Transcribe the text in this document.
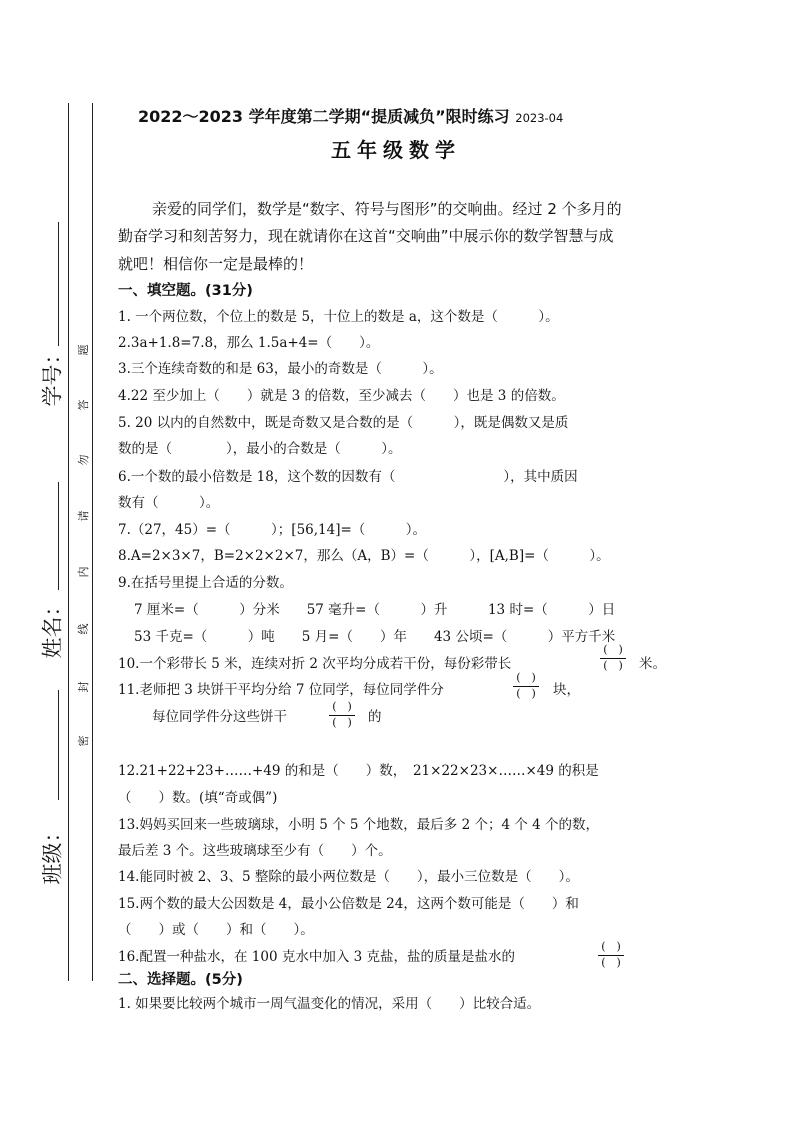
学号：
姓名：
班级：
题
答
勿
请
内
线
封
密
2022～2023 学年度第二学期“提质减负”限时练习 2023-04
五年级数学
亲爱的同学们，数学是“数字、符号与图形”的交响曲。经过 2 个多月的
勤奋学习和刻苦努力，现在就请你在这首“交响曲”中展示你的数学智慧与成
就吧！相信你一定是最棒的！
一、填空题。(31分)
1. 一个两位数，个位上的数是 5，十位上的数是 a，这个数是（　　　）。
2.3a+1.8=7.8，那么 1.5a+4=（　　）。
3.三个连续奇数的和是 63，最小的奇数是（　　　）。
4.22 至少加上（　　）就是 3 的倍数，至少减去（　　）也是 3 的倍数。
5. 20 以内的自然数中，既是奇数又是合数的是（　　　），既是偶数又是质
数的是（　　　　），最小的合数是（　　　）。
6.一个数的最小倍数是 18，这个数的因数有（　　　　　　　　），其中质因
数有（　　　）。
7.（27，45）=（　　　）；[56,14]=（　　　）。
8.A=2×3×7，B=2×2×2×7，那么（A，B）=（　　　），[A,B]=（　　　）。
9.在括号里提上合适的分数。
7 厘米=（　　　）分米　　57 毫升=（　　　）升　　　13 时=（　　　）日
53 千克=（　　　）吨　　5 月=（　　）年　　43 公顷=（　　　）平方千米
10.一个彩带长 5 米，连续对折 2 次平均分成若干份，每份彩带长
(　)
(　)	米。
11.老师把 3 块饼干平均分给 7 位同学，每位同学件分
(　)
(　)	块，
每位同学件分这些饼干
(　)
(　)	的
12.21+22+23+……+49 的和是（　　）数，　21×22×23×……×49 的积是
（　　）数。(填“奇或偶”)
13.妈妈买回来一些玻璃球，小明 5 个 5 个地数，最后多 2 个；4 个 4 个的数，
最后差 3 个。这些玻璃球至少有（　　）个。
14.能同时被 2、3、5 整除的最小两位数是（　　），最小三位数是（　　）。
15.两个数的最大公因数是 4，最小公倍数是 24，这两个数可能是（　　）和
（　　）或（　　）和（　　）。
16.配置一种盐水，在 100 克水中加入 3 克盐，盐的质量是盐水的
(　)
(　)
二、选择题。(5分)
1. 如果要比较两个城市一周气温变化的情况，采用（　　）比较合适。
